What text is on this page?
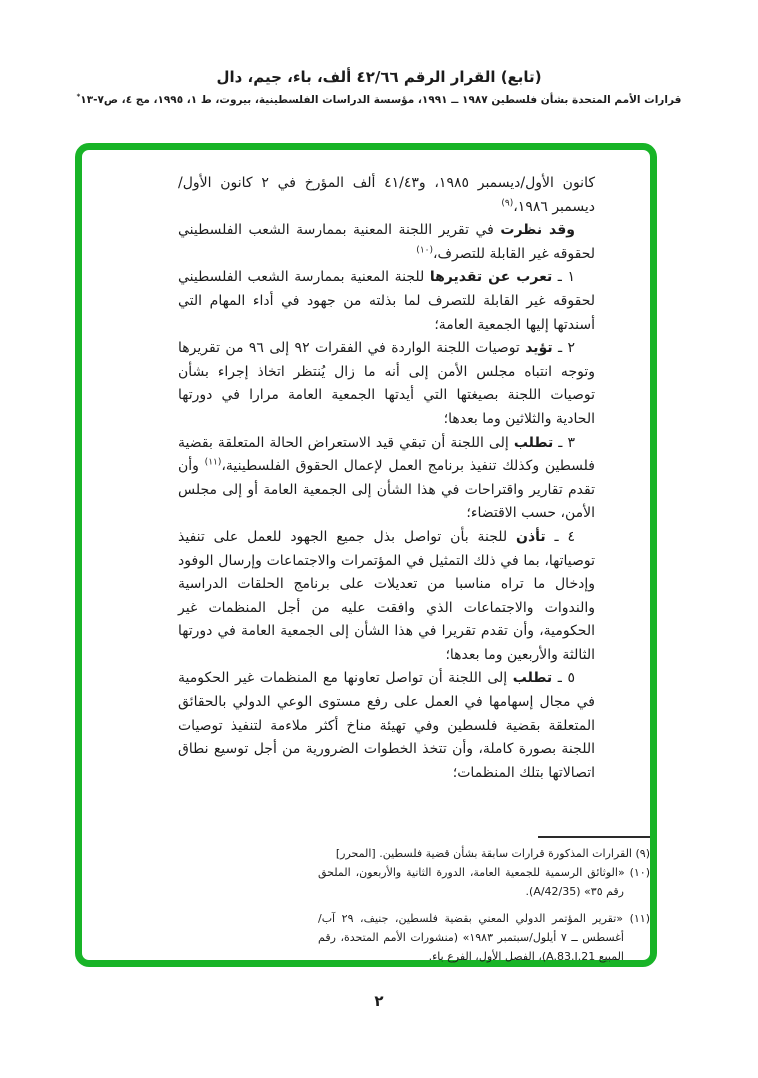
(تابع) القرار الرقم ٤٢/٦٦ ألف، باء، جيم، دال
قرارات الأمم المتحدة بشأن فلسطين ١٩٨٧ ــ ١٩٩١، مؤسسة الدراسات الفلسطينية، بيروت، ط ١، ١٩٩٥، مج ٤، ص٧-١٣*

كانون الأول/ديسمبر ١٩٨٥، و٤١/٤٣ ألف المؤرخ في ٢ كانون الأول/ديسمبر ١٩٨٦،$^{(٩)}$

وقد نظرت في تقرير اللجنة المعنية بممارسة الشعب الفلسطيني لحقوقه غير القابلة للتصرف،$^{(١٠)}$

١ ـ تعرب عن تقديرها للجنة المعنية بممارسة الشعب الفلسطيني لحقوقه غير القابلة للتصرف لما بذلته من جهود في أداء المهام التي أسندتها إليها الجمعية العامة؛

٢ ـ تؤيد توصيات اللجنة الواردة في الفقرات ٩٢ إلى ٩٦ من تقريرها وتوجه انتباه مجلس الأمن إلى أنه ما زال يُنتظر اتخاذ إجراء بشأن توصيات اللجنة بصيغتها التي أيدتها الجمعية العامة مرارا في دورتها الحادية والثلاثين وما بعدها؛

٣ ـ تطلب إلى اللجنة أن تبقي قيد الاستعراض الحالة المتعلقة بقضية فلسطين وكذلك تنفيذ برنامج العمل لإعمال الحقوق الفلسطينية،$^{(١١)}$ وأن تقدم تقارير واقتراحات في هذا الشأن إلى الجمعية العامة أو إلى مجلس الأمن، حسب الاقتضاء؛

٤ ـ تأذن للجنة بأن تواصل بذل جميع الجهود للعمل على تنفيذ توصياتها، بما في ذلك التمثيل في المؤتمرات والاجتماعات وإرسال الوفود وإدخال ما تراه مناسبا من تعديلات على برنامج الحلقات الدراسية والندوات والاجتماعات الذي وافقت عليه من أجل المنظمات غير الحكومية، وأن تقدم تقريرا في هذا الشأن إلى الجمعية العامة في دورتها الثالثة والأربعين وما بعدها؛

٥ ـ تطلب إلى اللجنة أن تواصل تعاونها مع المنظمات غير الحكومية في مجال إسهامها في العمل على رفع مستوى الوعي الدولي بالحقائق المتعلقة بقضية فلسطين وفي تهيئة مناخ أكثر ملاءمة لتنفيذ توصيات اللجنة بصورة كاملة، وأن تتخذ الخطوات الضرورية من أجل توسيع نطاق اتصالاتها بتلك المنظمات؛

(٩) القرارات المذكورة قرارات سابقة بشأن قضية فلسطين. [المحرر]

(١٠) «الوثائق الرسمية للجمعية العامة، الدورة الثانية والأربعون، الملحق رقم ٣٥» (A/42/35).

(١١) «تقرير المؤتمر الدولي المعني بقضية فلسطين، جنيف، ٢٩ آب/أغسطس ــ ٧ أيلول/سبتمبر ١٩٨٣» (منشورات الأمم المتحدة، رقم المبيع A.83.I.21)، الفصل الأول، الفرع باء.

٢
